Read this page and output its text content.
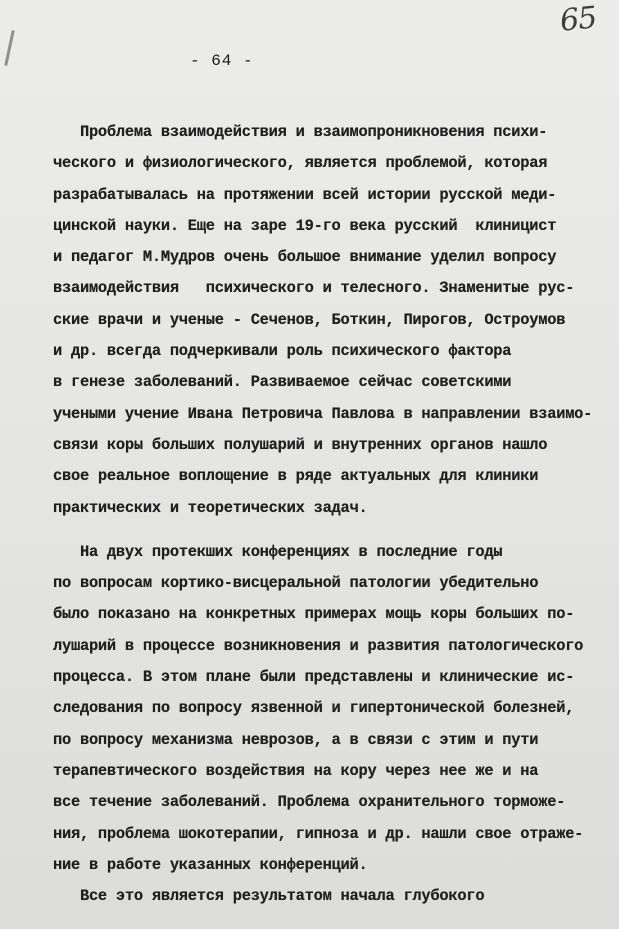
65
- 64 -
Проблема взаимодействия и взаимопроникновения психи-
ческого и физиологического, является проблемой, которая
разрабатывалась на протяжении всей истории русской меди-
цинской науки. Еще на заре 19-го века русский  клиницист
и педагог М.Мудров очень большое внимание уделил вопросу
взаимодействия   психического и телесного. Знаменитые рус-
ские врачи и ученые - Сеченов, Боткин, Пирогов, Остроумов
и др. всегда подчеркивали роль психического фактора
в генезе заболеваний. Развиваемое сейчас советскими
учеными учение Ивана Петровича Павлова в направлении взаимо-
связи коры больших полушарий и внутренних органов нашло
свое реальное воплощение в ряде актуальных для клиники
практических и теоретических задач.
На двух протекших конференциях в последние годы
по вопросам кортико-висцеральной патологии убедительно
было показано на конкретных примерах мощь коры больших по-
лушарий в процессе возникновения и развития патологического
процесса. В этом плане были представлены и клинические ис-
следования по вопросу язвенной и гипертонической болезней,
по вопросу механизма неврозов, а в связи с этим и пути
терапевтического воздействия на кору через нее же и на
все течение заболеваний. Проблема охранительного торможе-
ния, проблема шокотерапии, гипноза и др. нашли свое отраже-
ние в работе указанных конференций.
Все это является результатом начала глубокого
